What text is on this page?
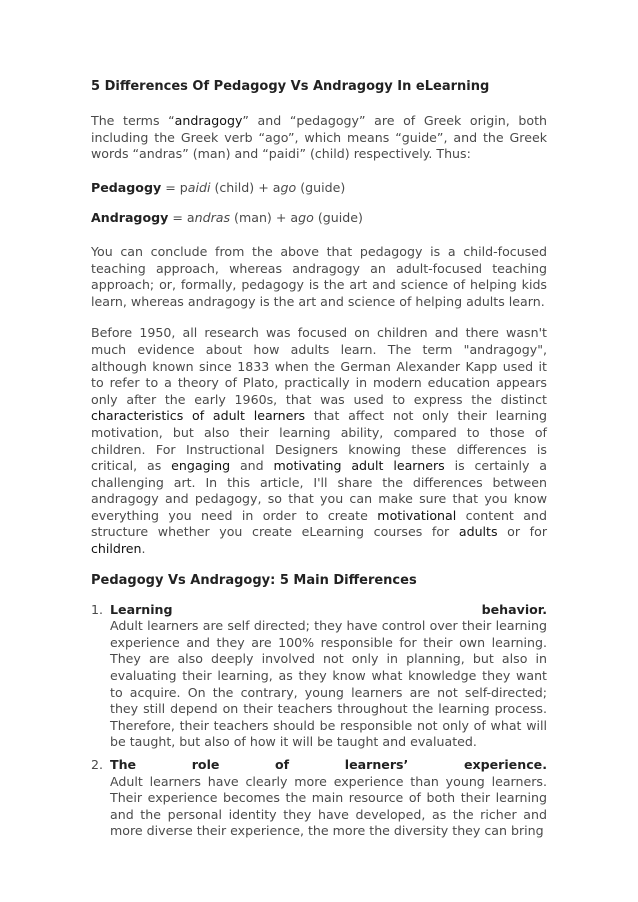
5 Differences Of Pedagogy Vs Andragogy In eLearning

The terms “andragogy” and “pedagogy” are of Greek origin, both including the Greek verb “ago”, which means “guide”, and the Greek words “andras” (man) and “paidi” (child) respectively. Thus:

Pedagogy = paidi (child) + ago (guide)

Andragogy = andras (man) + ago (guide)

You can conclude from the above that pedagogy is a child-focused teaching approach, whereas andragogy an adult-focused teaching approach; or, formally, pedagogy is the art and science of helping kids learn, whereas andragogy is the art and science of helping adults learn.

Before 1950, all research was focused on children and there wasn't much evidence about how adults learn. The term "andragogy", although known since 1833 when the German Alexander Kapp used it to refer to a theory of Plato, practically in modern education appears only after the early 1960s, that was used to express the distinct characteristics of adult learners that affect not only their learning motivation, but also their learning ability, compared to those of children. For Instructional Designers knowing these differences is critical, as engaging and motivating adult learners is certainly a challenging art. In this article, I'll share the differences between andragogy and pedagogy, so that you can make sure that you know everything you need in order to create motivational content and structure whether you create eLearning courses for adults or for children.

Pedagogy Vs Andragogy: 5 Main Differences
1. Learning	behavior.
Adult learners are self directed; they have control over their learning experience and they are 100% responsible for their own learning. They are also deeply involved not only in planning, but also in evaluating their learning, as they know what knowledge they want to acquire. On the contrary, young learners are not self-directed; they still depend on their teachers throughout the learning process. Therefore, their teachers should be responsible not only of what will be taught, but also of how it will be taught and evaluated.
2. The	role	of	learners’	experience.
Adult learners have clearly more experience than young learners. Their experience becomes the main resource of both their learning and the personal identity they have developed, as the richer and more diverse their experience, the more the diversity they can bring
